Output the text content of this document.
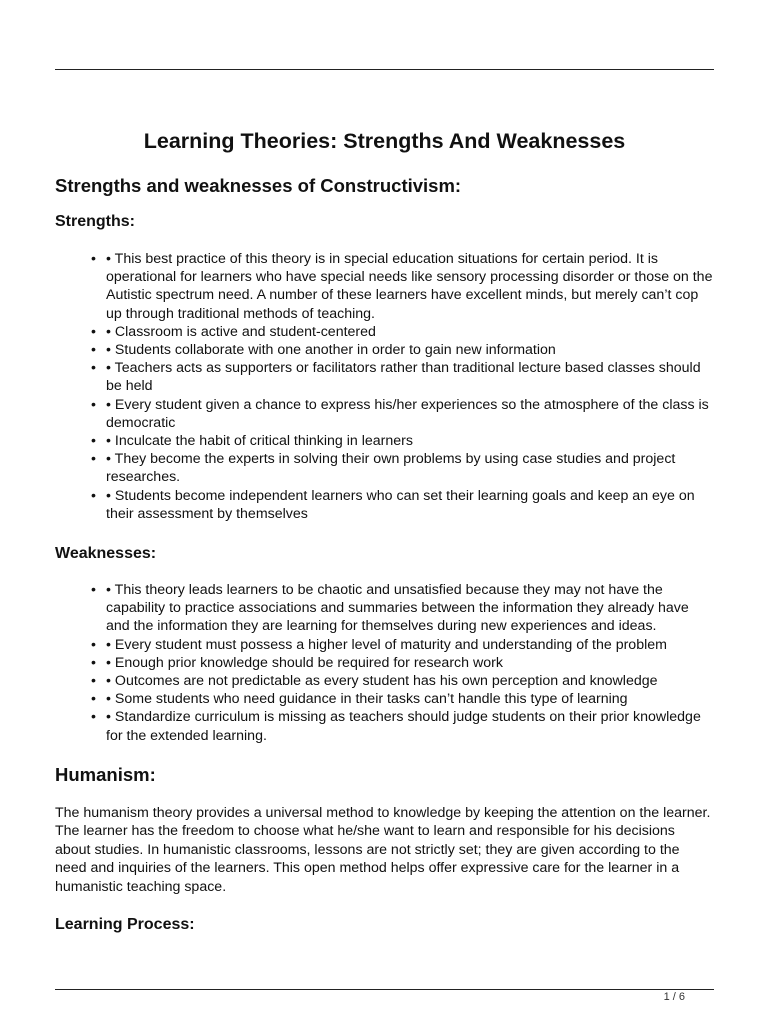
Learning Theories: Strengths And Weaknesses
Strengths and weaknesses of Constructivism:
Strengths:
• • This best practice of this theory is in special education situations for certain period. It is operational for learners who have special needs like sensory processing disorder or those on the Autistic spectrum need. A number of these learners have excellent minds, but merely can’t cop up through traditional methods of teaching.
• • Classroom is active and student-centered
• • Students collaborate with one another in order to gain new information
• • Teachers acts as supporters or facilitators rather than traditional lecture based classes should be held
• • Every student given a chance to express his/her experiences so the atmosphere of the class is democratic
• • Inculcate the habit of critical thinking in learners
• • They become the experts in solving their own problems by using case studies and project researches.
• • Students become independent learners who can set their learning goals and keep an eye on their assessment by themselves
Weaknesses:
• • This theory leads learners to be chaotic and unsatisfied because they may not have the capability to practice associations and summaries between the information they already have and the information they are learning for themselves during new experiences and ideas.
• • Every student must possess a higher level of maturity and understanding of the problem
• • Enough prior knowledge should be required for research work
• • Outcomes are not predictable as every student has his own perception and knowledge
• • Some students who need guidance in their tasks can’t handle this type of learning
• • Standardize curriculum is missing as teachers should judge students on their prior knowledge for the extended learning.
Humanism:

The humanism theory provides a universal method to knowledge by keeping the attention on the learner. The learner has the freedom to choose what he/she want to learn and responsible for his decisions about studies. In humanistic classrooms, lessons are not strictly set; they are given according to the need and inquiries of the learners. This open method helps offer expressive care for the learner in a humanistic teaching space.

Learning Process:
1 / 6
